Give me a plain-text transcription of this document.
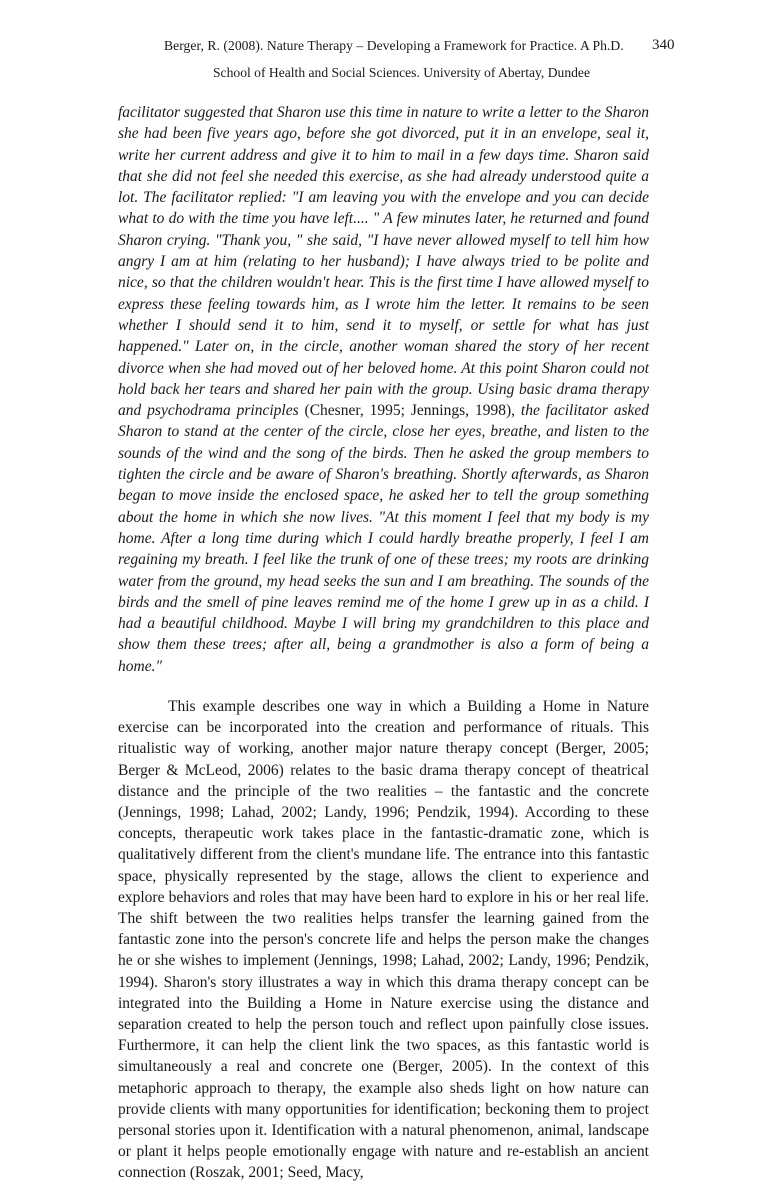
Berger, R. (2008). Nature Therapy – Developing a Framework for Practice. A Ph.D. 340
School of Health and Social Sciences. University of Abertay, Dundee

facilitator suggested that Sharon use this time in nature to write a letter to the Sharon she had been five years ago, before she got divorced, put it in an envelope, seal it, write her current address and give it to him to mail in a few days time. Sharon said that she did not feel she needed this exercise, as she had already understood quite a lot. The facilitator replied: "I am leaving you with the envelope and you can decide what to do with the time you have left.... " A few minutes later, he returned and found Sharon crying. "Thank you, " she said, "I have never allowed myself to tell him how angry I am at him (relating to her husband); I have always tried to be polite and nice, so that the children wouldn't hear. This is the first time I have allowed myself to express these feeling towards him, as I wrote him the letter. It remains to be seen whether I should send it to him, send it to myself, or settle for what has just happened." Later on, in the circle, another woman shared the story of her recent divorce when she had moved out of her beloved home. At this point Sharon could not hold back her tears and shared her pain with the group. Using basic drama therapy and psychodrama principles (Chesner, 1995; Jennings, 1998), the facilitator asked Sharon to stand at the center of the circle, close her eyes, breathe, and listen to the sounds of the wind and the song of the birds. Then he asked the group members to tighten the circle and be aware of Sharon's breathing. Shortly afterwards, as Sharon began to move inside the enclosed space, he asked her to tell the group something about the home in which she now lives. "At this moment I feel that my body is my home. After a long time during which I could hardly breathe properly, I feel I am regaining my breath. I feel like the trunk of one of these trees; my roots are drinking water from the ground, my head seeks the sun and I am breathing. The sounds of the birds and the smell of pine leaves remind me of the home I grew up in as a child. I had a beautiful childhood. Maybe I will bring my grandchildren to this place and show them these trees; after all, being a grandmother is also a form of being a home."

This example describes one way in which a Building a Home in Nature exercise can be incorporated into the creation and performance of rituals. This ritualistic way of working, another major nature therapy concept (Berger, 2005; Berger & McLeod, 2006) relates to the basic drama therapy concept of theatrical distance and the principle of the two realities – the fantastic and the concrete (Jennings, 1998; Lahad, 2002; Landy, 1996; Pendzik, 1994). According to these concepts, therapeutic work takes place in the fantastic-dramatic zone, which is qualitatively different from the client's mundane life. The entrance into this fantastic space, physically represented by the stage, allows the client to experience and explore behaviors and roles that may have been hard to explore in his or her real life. The shift between the two realities helps transfer the learning gained from the fantastic zone into the person's concrete life and helps the person make the changes he or she wishes to implement (Jennings, 1998; Lahad, 2002; Landy, 1996; Pendzik, 1994). Sharon's story illustrates a way in which this drama therapy concept can be integrated into the Building a Home in Nature exercise using the distance and separation created to help the person touch and reflect upon painfully close issues. Furthermore, it can help the client link the two spaces, as this fantastic world is simultaneously a real and concrete one (Berger, 2005). In the context of this metaphoric approach to therapy, the example also sheds light on how nature can provide clients with many opportunities for identification; beckoning them to project personal stories upon it. Identification with a natural phenomenon, animal, landscape or plant it helps people emotionally engage with nature and re-establish an ancient connection (Roszak, 2001; Seed, Macy,
